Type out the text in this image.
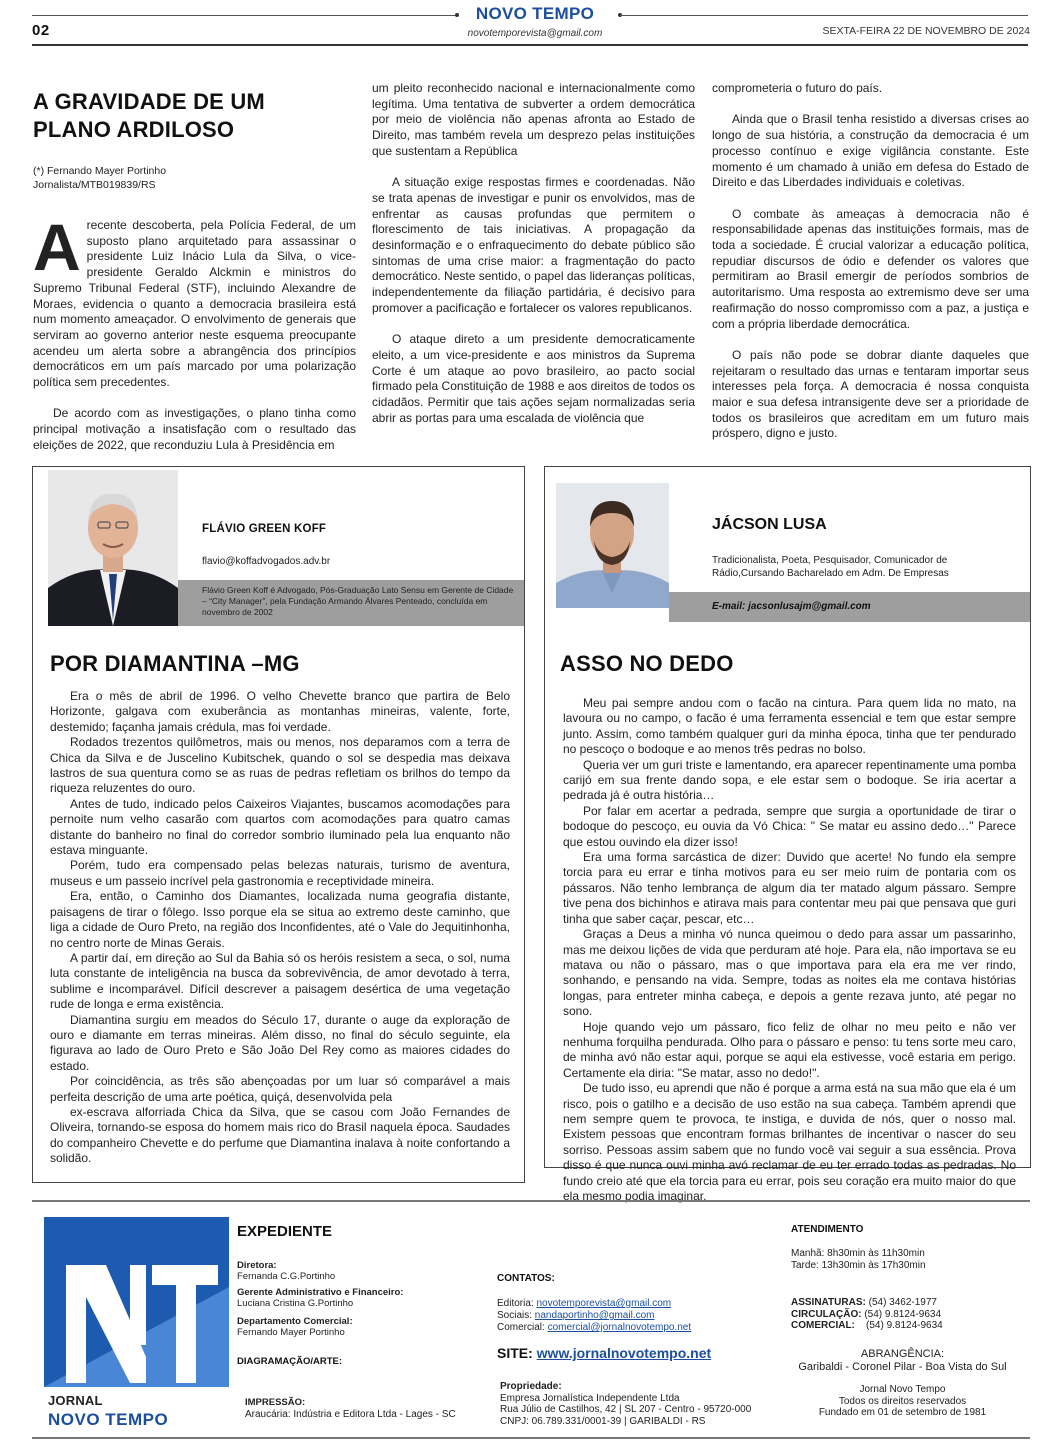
02
NOVO TEMPO
novotemporevista@gmail.com	SEXTA-FEIRA 22 DE NOVEMBRO DE 2024
A GRAVIDADE DE UM PLANO ARDILOSO
(*) Fernando Mayer Portinho
Jornalista/MTB019839/RS

Arecente descoberta, pela Polícia Federal, de um suposto plano arquitetado para assassinar o presidente Luiz Inácio Lula da Silva, o vice-presidente Geraldo Alckmin e ministros do Supremo Tribunal Federal (STF), incluindo Alexandre de Moraes, evidencia o quanto a democracia brasileira está num momento ameaçador. O envolvimento de generais que serviram ao governo anterior neste esquema preocupante acendeu um alerta sobre a abrangência dos princípios democráticos em um país marcado por uma polarização política sem precedentes.

De acordo com as investigações, o plano tinha como principal motivação a insatisfação com o resultado das eleições de 2022, que reconduziu Lula à Presidência em

um pleito reconhecido nacional e internacionalmente como legítima. Uma tentativa de subverter a ordem democrática por meio de violência não apenas afronta ao Estado de Direito, mas também revela um desprezo pelas instituições que sustentam a República

A situação exige respostas firmes e coordenadas. Não se trata apenas de investigar e punir os envolvidos, mas de enfrentar as causas profundas que permitem o florescimento de tais iniciativas. A propagação da desinformação e o enfraquecimento do debate público são sintomas de uma crise maior: a fragmentação do pacto democrático. Neste sentido, o papel das lideranças políticas, independentemente da filiação partidária, é decisivo para promover a pacificação e fortalecer os valores republicanos.

O ataque direto a um presidente democraticamente eleito, a um vice-presidente e aos ministros da Suprema Corte é um ataque ao povo brasileiro, ao pacto social firmado pela Constituição de 1988 e aos direitos de todos os cidadãos. Permitir que tais ações sejam normalizadas seria abrir as portas para uma escalada de violência que

comprometeria o futuro do país.

Ainda que o Brasil tenha resistido a diversas crises ao longo de sua história, a construção da democracia é um processo contínuo e exige vigilância constante. Este momento é um chamado à união em defesa do Estado de Direito e das Liberdades individuais e coletivas.

O combate às ameaças à democracia não é responsabilidade apenas das instituições formais, mas de toda a sociedade. É crucial valorizar a educação política, repudiar discursos de ódio e defender os valores que permitiram ao Brasil emergir de períodos sombrios de autoritarismo. Uma resposta ao extremismo deve ser uma reafirmação do nosso compromisso com a paz, a justiça e com a própria liberdade democrática.

O país não pode se dobrar diante daqueles que rejeitaram o resultado das urnas e tentaram importar seus interesses pela força. A democracia é nossa conquista maior e sua defesa intransigente deve ser a prioridade de todos os brasileiros que acreditam em um futuro mais próspero, digno e justo.

FLÁVIO GREEN KOFF
flavio@koffadvogados.adv.br
Flávio Green Koff é Advogado, Pós-Graduação Lato Sensu em Gerente de Cidade – “City Manager”, pela Fundação Armando Álvares Penteado, concluída em novembro de 2002
POR DIAMANTINA –MG

Era o mês de abril de 1996. O velho Chevette branco que partira de Belo Horizonte, galgava com exuberância as montanhas mineiras, valente, forte, destemido; façanha jamais crédula, mas foi verdade.

Rodados trezentos quilômetros, mais ou menos, nos deparamos com a terra de Chica da Silva e de Juscelino Kubitschek, quando o sol se despedia mas deixava lastros de sua quentura como se as ruas de pedras refletiam os brilhos do tempo da riqueza reluzentes do ouro.

Antes de tudo, indicado pelos Caixeiros Viajantes, buscamos acomodações para pernoite num velho casarão com quartos com acomodações para quatro camas distante do banheiro no final do corredor sombrio iluminado pela lua enquanto não estava minguante.

Porém, tudo era compensado pelas belezas naturais, turismo de aventura, museus e um passeio incrível pela gastronomia e receptividade mineira.

Era, então, o Caminho dos Diamantes, localizada numa geografia distante, paisagens de tirar o fôlego. Isso porque ela se situa ao extremo deste caminho, que liga a cidade de Ouro Preto, na região dos Inconfidentes, até o Vale do Jequitinhonha, no centro norte de Minas Gerais.

A partir daí, em direção ao Sul da Bahia só os heróis resistem a seca, o sol, numa luta constante de inteligência na busca da sobrevivência, de amor devotado à terra, sublime e incomparável. Difícil descrever a paisagem desértica de uma vegetação rude de longa e erma existência.

Diamantina surgiu em meados do Século 17, durante o auge da exploração de ouro e diamante em terras mineiras. Além disso, no final do século seguinte, ela figurava ao lado de Ouro Preto e São João Del Rey como as maiores cidades do estado.

Por coincidência, as três são abençoadas por um luar só comparável a mais perfeita descrição de uma arte poética, quiçá, desenvolvida pela

ex-escrava alforriada Chica da Silva, que se casou com João Fernandes de Oliveira, tornando-se esposa do homem mais rico do Brasil naquela época. Saudades do companheiro Chevette e do perfume que Diamantina inalava à noite confortando a solidão.

JÁCSON LUSA
Tradicionalista, Poeta, Pesquisador, Comunicador de Rádio,Cursando Bacharelado em Adm. De Empresas
E-mail: jacsonlusajm@gmail.com
ASSO NO DEDO

Meu pai sempre andou com o facão na cintura. Para quem lida no mato, na lavoura ou no campo, o facão é uma ferramenta essencial e tem que estar sempre junto. Assim, como também qualquer guri da minha época, tinha que ter pendurado no pescoço o bodoque e ao menos três pedras no bolso.

Queria ver um guri triste e lamentando, era aparecer repentinamente uma pomba carijó em sua frente dando sopa, e ele estar sem o bodoque. Se iria acertar a pedrada já é outra história…

Por falar em acertar a pedrada, sempre que surgia a oportunidade de tirar o bodoque do pescoço, eu ouvia da Vó Chica: " Se matar eu assino dedo…" Parece que estou ouvindo ela dizer isso!

Era uma forma sarcástica de dizer: Duvido que acerte! No fundo ela sempre torcia para eu errar e tinha motivos para eu ser meio ruim de pontaria com os pássaros. Não tenho lembrança de algum dia ter matado algum pássaro. Sempre tive pena dos bichinhos e atirava mais para contentar meu pai que pensava que guri tinha que saber caçar, pescar, etc…

Graças a Deus a minha vó nunca queimou o dedo para assar um passarinho, mas me deixou lições de vida que perduram até hoje. Para ela, não importava se eu matava ou não o pássaro, mas o que importava para ela era me ver rindo, sonhando, e pensando na vida. Sempre, todas as noites ela me contava histórias longas, para entreter minha cabeça, e depois a gente rezava junto, até pegar no sono.

Hoje quando vejo um pássaro, fico feliz de olhar no meu peito e não ver nenhuma forquilha pendurada. Olho para o pássaro e penso: tu tens sorte meu caro, de minha avó não estar aqui, porque se aqui ela estivesse, você estaria em perigo. Certamente ela diria: "Se matar, asso no dedo!".

De tudo isso, eu aprendi que não é porque a arma está na sua mão que ela é um risco, pois o gatilho e a decisão de uso estão na sua cabeça. Também aprendi que nem sempre quem te provoca, te instiga, e duvida de nós, quer o nosso mal. Existem pessoas que encontram formas brilhantes de incentivar o nascer do seu sorriso. Pessoas assim sabem que no fundo você vai seguir a sua essência. Prova disso é que nunca ouvi minha avó reclamar de eu ter errado todas as pedradas. No fundo creio até que ela torcia para eu errar, pois seu coração era muito maior do que ela mesmo podia imaginar.

JORNAL
NOVO TEMPO
EXPEDIENTE
Diretora:
Fernanda C.G.Portinho
Gerente Administrativo e Financeiro:
Luciana Cristina G.Portinho
Departamento Comercial:
Fernando Mayer Portinho
DIAGRAMAÇÃO/ARTE:
IMPRESSÃO:
Araucária: Indústria e Editora Ltda - Lages - SC
CONTATOS:
Editoria: novotemporevista@gmail.com
Sociais: nandaportinho@gmail.com
Comercial: comercial@jornalnovotempo.net
SITE: www.jornalnovotempo.net
Propriedade:
Empresa Jornalística Independente Ltda
Rua Júlio de Castilhos, 42 | SL 207 - Centro - 95720-000
CNPJ: 06.789.331/0001-39 | GARIBALDI - RS
ATENDIMENTO
Manhã: 8h30min às 11h30min
Tarde: 13h30min às 17h30min
ASSINATURAS: (54) 3462-1977
CIRCULAÇÃO: (54) 9.8124-9634
COMERCIAL: (54) 9.8124-9634
ABRANGÊNCIA:
Garibaldi - Coronel Pilar - Boa Vista do Sul
Jornal Novo Tempo
Todos os direitos reservados
Fundado em 01 de setembro de 1981
